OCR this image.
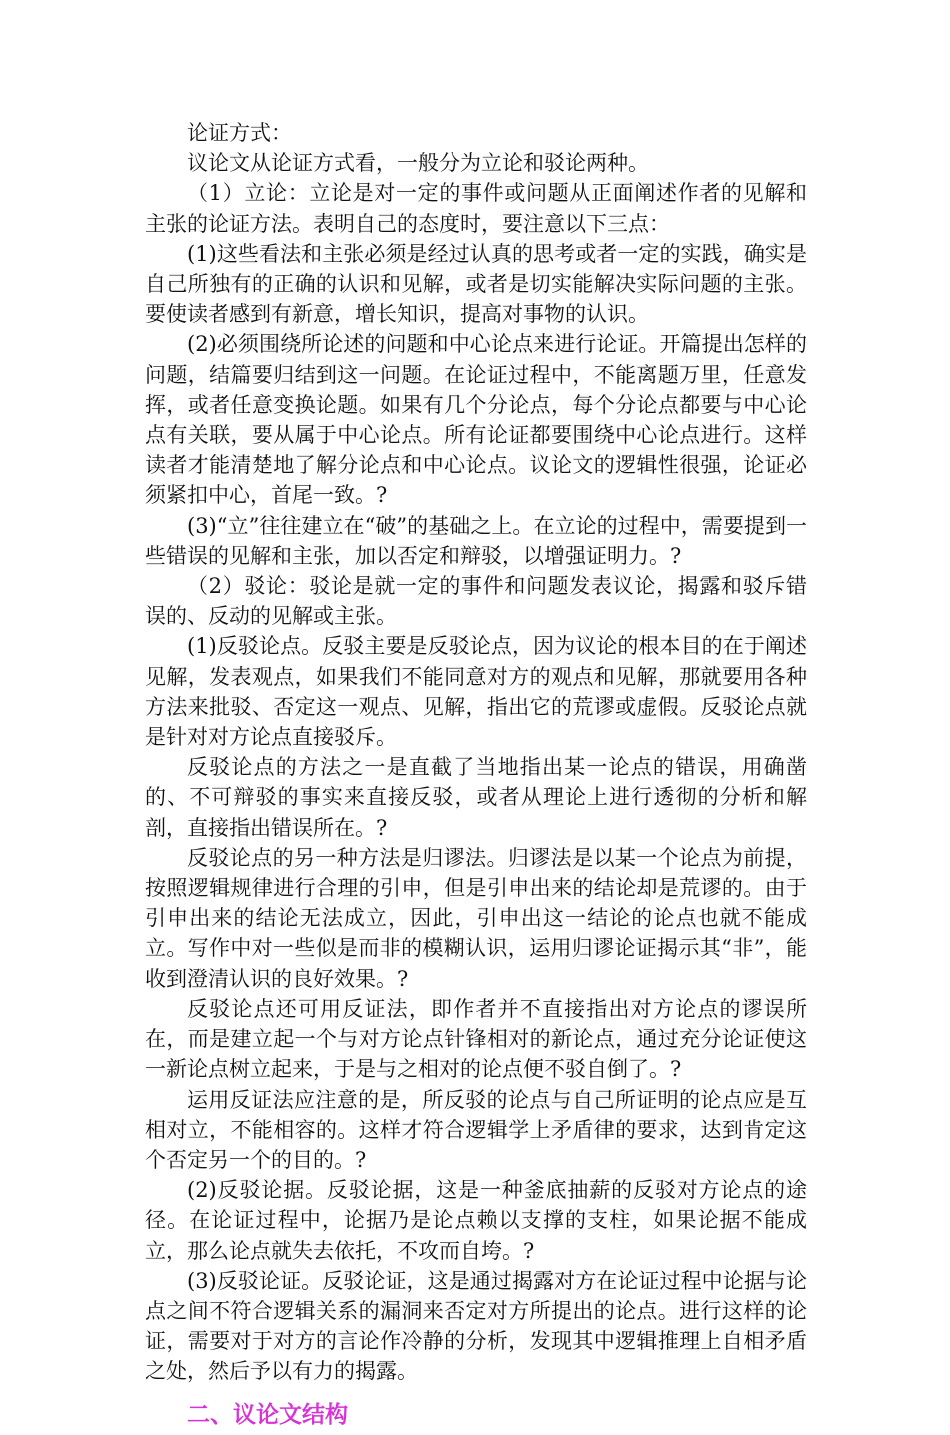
论证方式：

议论文从论证方式看，一般分为立论和驳论两种。

（1）立论：立论是对一定的事件或问题从正面阐述作者的见解和主张的论证方法。表明自己的态度时，要注意以下三点：

(1)这些看法和主张必须是经过认真的思考或者一定的实践，确实是自己所独有的正确的认识和见解，或者是切实能解决实际问题的主张。要使读者感到有新意，增长知识，提高对事物的认识。

(2)必须围绕所论述的问题和中心论点来进行论证。开篇提出怎样的问题，结篇要归结到这一问题。在论证过程中，不能离题万里，任意发挥，或者任意变换论题。如果有几个分论点，每个分论点都要与中心论点有关联，要从属于中心论点。所有论证都要围绕中心论点进行。这样读者才能清楚地了解分论点和中心论点。议论文的逻辑性很强，论证必须紧扣中心，首尾一致。?

(3)“立”往往建立在“破”的基础之上。在立论的过程中，需要提到一些错误的见解和主张，加以否定和辩驳，以增强证明力。?

（2）驳论：驳论是就一定的事件和问题发表议论，揭露和驳斥错误的、反动的见解或主张。

(1)反驳论点。反驳主要是反驳论点，因为议论的根本目的在于阐述见解，发表观点，如果我们不能同意对方的观点和见解，那就要用各种方法来批驳、否定这一观点、见解，指出它的荒谬或虚假。反驳论点就是针对对方论点直接驳斥。

反驳论点的方法之一是直截了当地指出某一论点的错误，用确凿的、不可辩驳的事实来直接反驳，或者从理论上进行透彻的分析和解剖，直接指出错误所在。?

反驳论点的另一种方法是归谬法。归谬法是以某一个论点为前提，按照逻辑规律进行合理的引申，但是引申出来的结论却是荒谬的。由于引申出来的结论无法成立，因此，引申出这一结论的论点也就不能成立。写作中对一些似是而非的模糊认识，运用归谬论证揭示其“非”，能收到澄清认识的良好效果。?

反驳论点还可用反证法，即作者并不直接指出对方论点的谬误所在，而是建立起一个与对方论点针锋相对的新论点，通过充分论证使这一新论点树立起来，于是与之相对的论点便不驳自倒了。?

运用反证法应注意的是，所反驳的论点与自己所证明的论点应是互相对立，不能相容的。这样才符合逻辑学上矛盾律的要求，达到肯定这个否定另一个的目的。?

(2)反驳论据。反驳论据，这是一种釜底抽薪的反驳对方论点的途径。在论证过程中，论据乃是论点赖以支撑的支柱，如果论据不能成立，那么论点就失去依托，不攻而自垮。?

(3)反驳论证。反驳论证，这是通过揭露对方在论证过程中论据与论点之间不符合逻辑关系的漏洞来否定对方所提出的论点。进行这样的论证，需要对于对方的言论作冷静的分析，发现其中逻辑推理上自相矛盾之处，然后予以有力的揭露。

二、议论文结构
